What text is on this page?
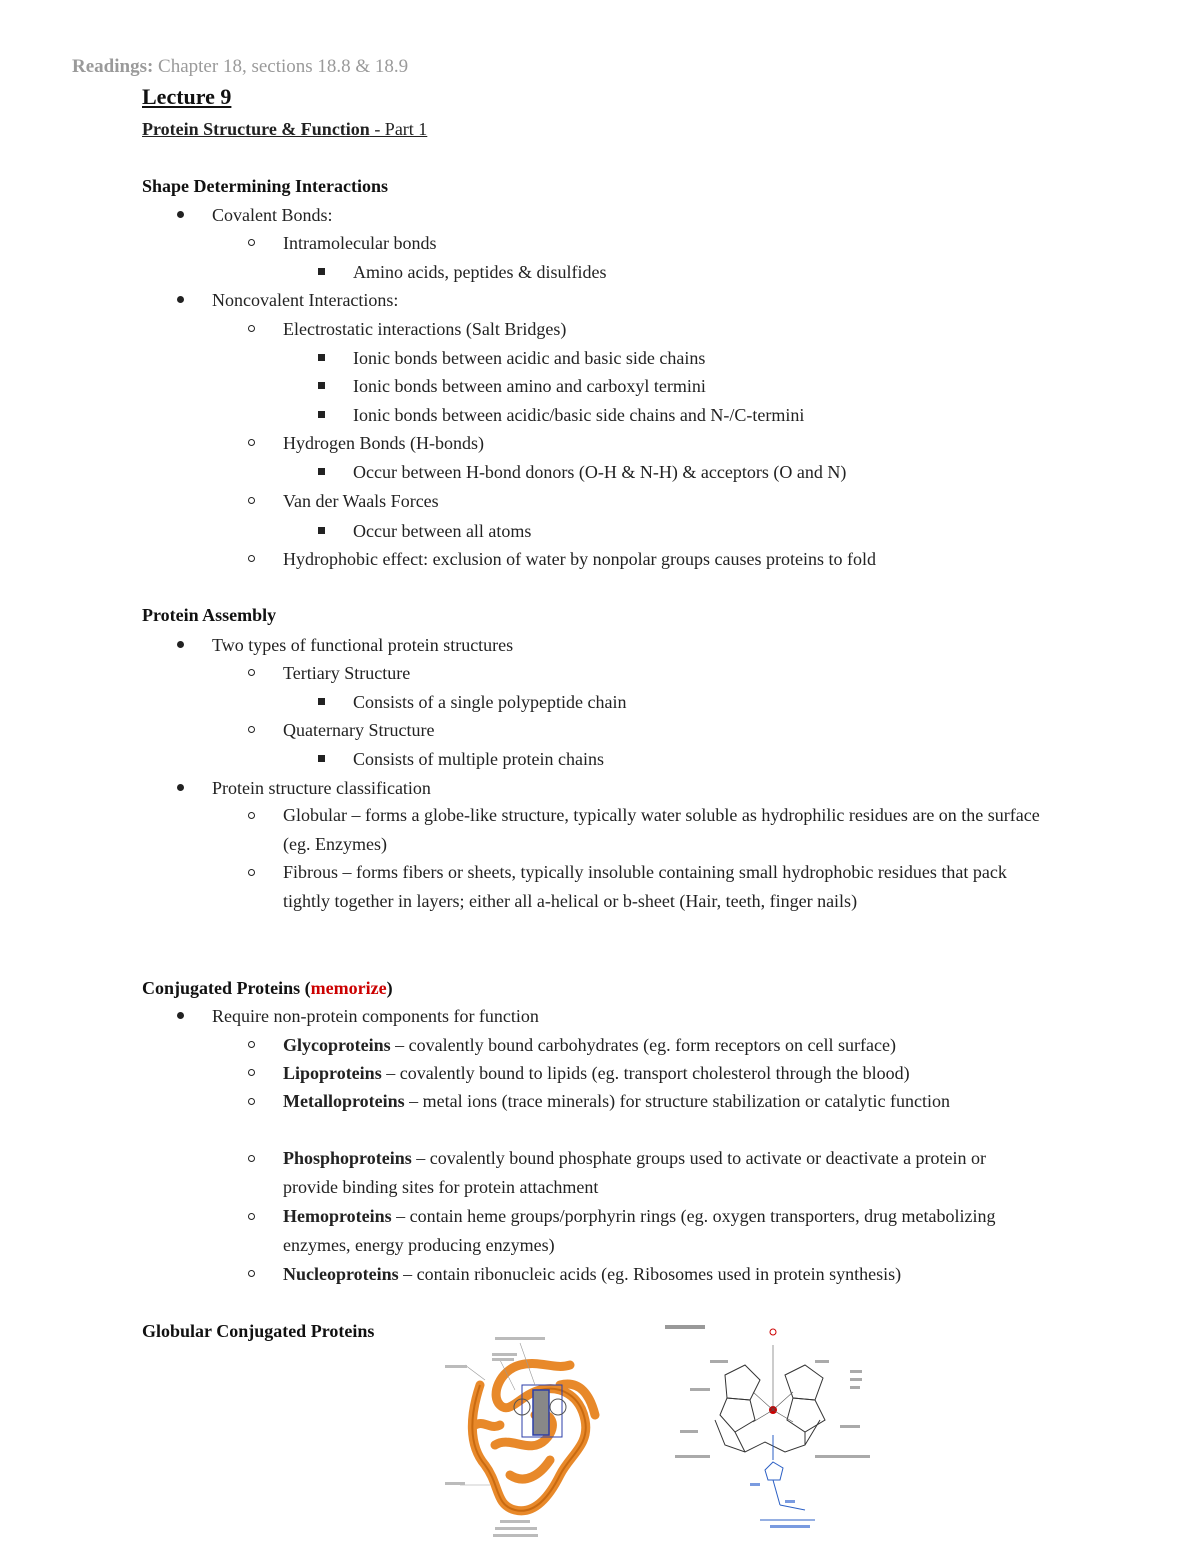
Readings: Chapter 18, sections 18.8 & 18.9
Lecture 9
Protein Structure & Function - Part 1
Shape Determining Interactions
Covalent Bonds:
Intramolecular bonds
Amino acids, peptides & disulfides
Noncovalent Interactions:
Electrostatic interactions (Salt Bridges)
Ionic bonds between acidic and basic side chains
Ionic bonds between amino and carboxyl termini
Ionic bonds between acidic/basic side chains and N-/C-termini
Hydrogen Bonds (H-bonds)
Occur between H-bond donors (O-H & N-H) & acceptors (O and N)
Van der Waals Forces
Occur between all atoms
Hydrophobic effect: exclusion of water by nonpolar groups causes proteins to fold
Protein Assembly
Two types of functional protein structures
Tertiary Structure
Consists of a single polypeptide chain
Quaternary Structure
Consists of multiple protein chains
Protein structure classification
Globular – forms a globe-like structure, typically water soluble as hydrophilic residues are on the surface (eg. Enzymes)
Fibrous – forms fibers or sheets, typically insoluble containing small hydrophobic residues that pack tightly together in layers; either all a-helical or b-sheet (Hair, teeth, finger nails)
Conjugated Proteins (memorize)
Require non-protein components for function
Glycoproteins – covalently bound carbohydrates (eg. form receptors on cell surface)
Lipoproteins – covalently bound to lipids (eg. transport cholesterol through the blood)
Metalloproteins – metal ions (trace minerals) for structure stabilization or catalytic function
Phosphoproteins – covalently bound phosphate groups used to activate or deactivate a protein or provide binding sites for protein attachment
Hemoproteins – contain heme groups/porphyrin rings (eg. oxygen transporters, drug metabolizing enzymes, energy producing enzymes)
Nucleoproteins – contain ribonucleic acids (eg. Ribosomes used in protein synthesis)
Globular Conjugated Proteins
